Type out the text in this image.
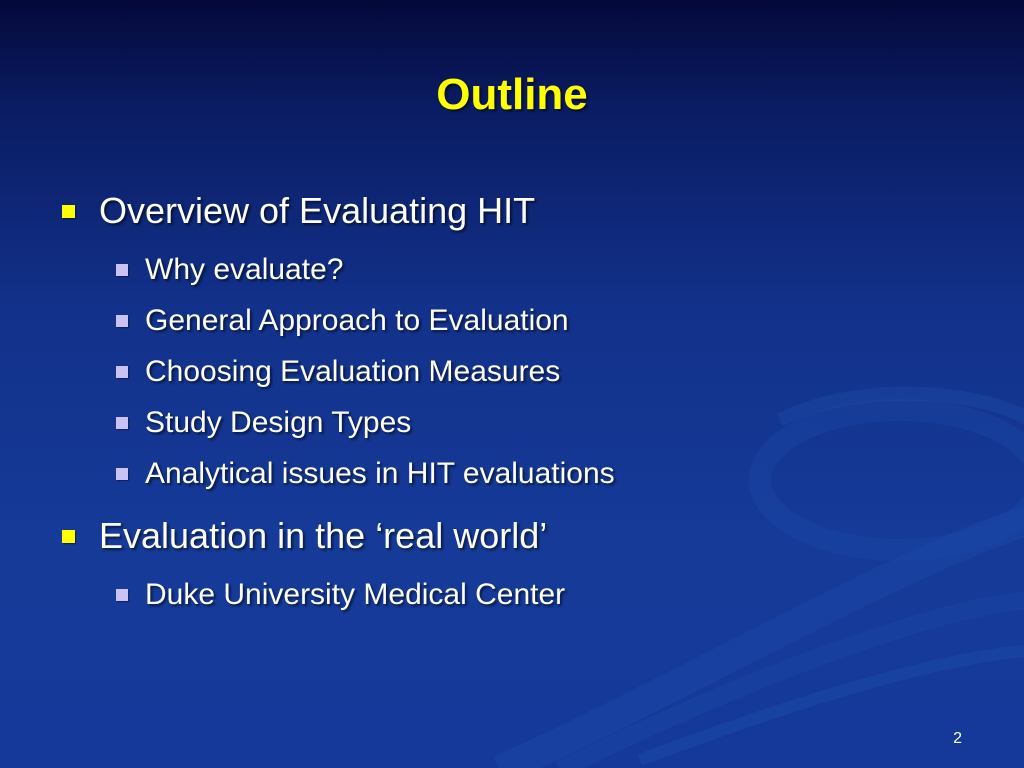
Outline
Overview of Evaluating HIT
Why evaluate?
General Approach to Evaluation
Choosing Evaluation Measures
Study Design Types
Analytical issues in HIT evaluations
Evaluation in the ‘real world’
Duke University Medical Center
2
